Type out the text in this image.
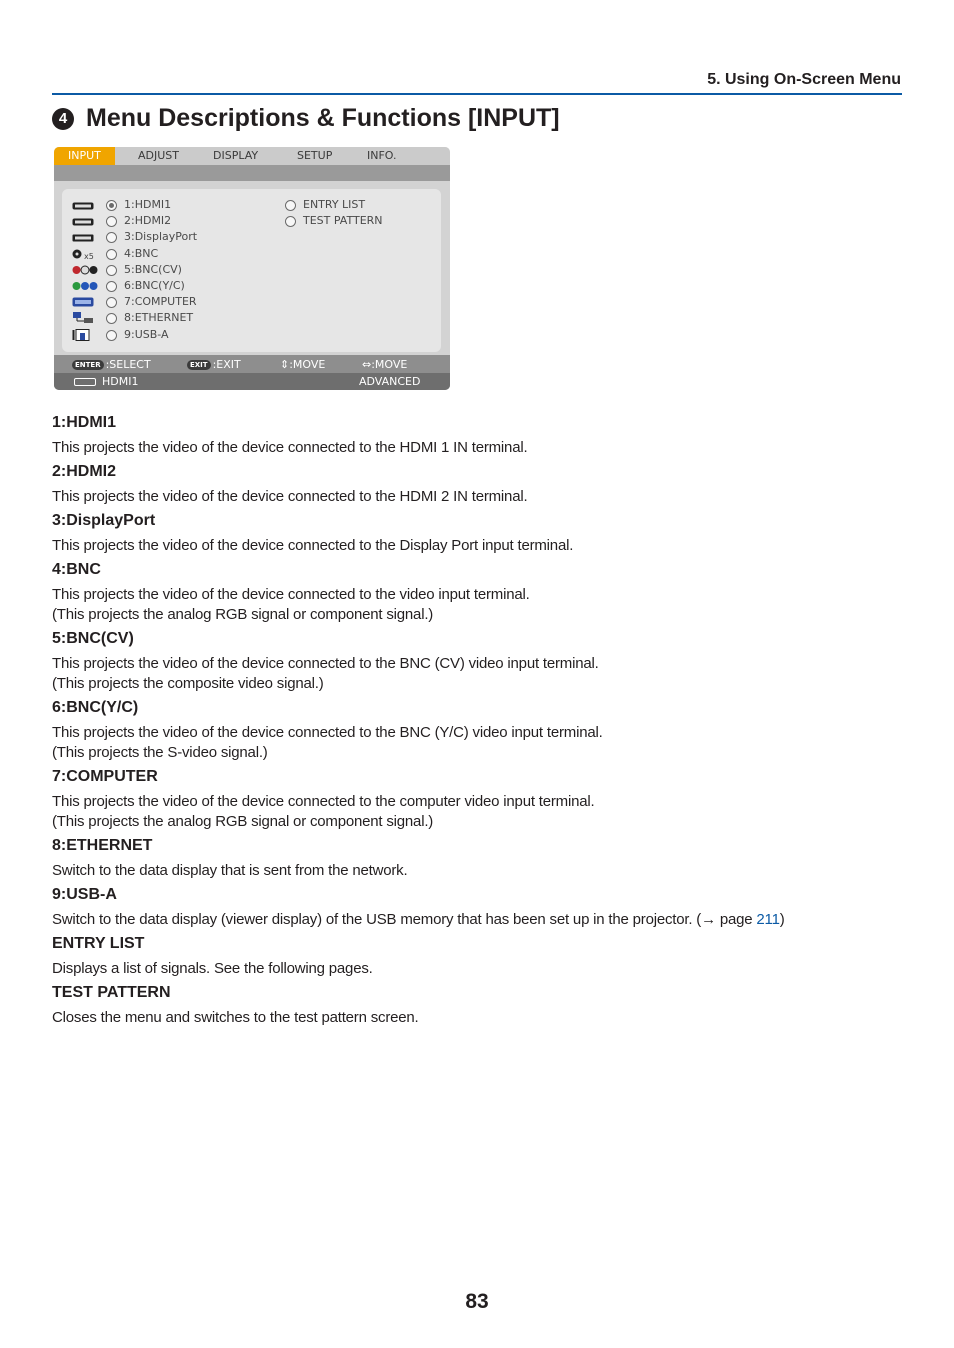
5. Using On-Screen Menu
4 Menu Descriptions & Functions [INPUT]
INPUT	ADJUST	DISPLAY	SETUP	INFO.
1:HDMI1
2:HDMI2
3:DisplayPort
x5	4:BNC
5:BNC(CV)
6:BNC(Y/C)
7:COMPUTER
8:ETHERNET
9:USB-A
ENTRY LIST
TEST PATTERN
ENTER :SELECT	EXIT :EXIT	⇕:MOVE	⇔:MOVE
HDMI1	ADVANCED
1:HDMI1
This projects the video of the device connected to the HDMI 1 IN terminal.
2:HDMI2
This projects the video of the device connected to the HDMI 2 IN terminal.
3:DisplayPort
This projects the video of the device connected to the Display Port input terminal.
4:BNC
This projects the video of the device connected to the video input terminal.
(This projects the analog RGB signal or component signal.)
5:BNC(CV)
This projects the video of the device connected to the BNC (CV) video input terminal.
(This projects the composite video signal.)
6:BNC(Y/C)
This projects the video of the device connected to the BNC (Y/C) video input terminal.
(This projects the S-video signal.)
7:COMPUTER
This projects the video of the device connected to the computer video input terminal.
(This projects the analog RGB signal or component signal.)
8:ETHERNET
Switch to the data display that is sent from the network.
9:USB-A
Switch to the data display (viewer display) of the USB memory that has been set up in the projector. (→ page 211)
ENTRY LIST
Displays a list of signals. See the following pages.
TEST PATTERN
Closes the menu and switches to the test pattern screen.
83
